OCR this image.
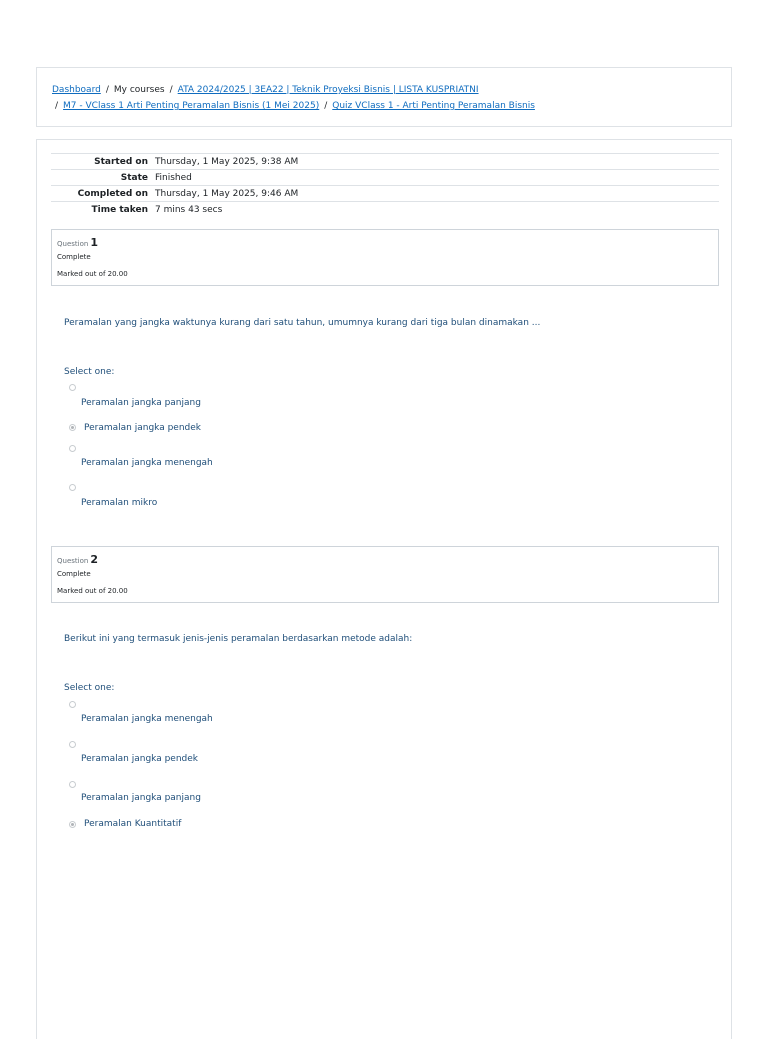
Dashboard / My courses / ATA 2024/2025 | 3EA22 | Teknik Proyeksi Bisnis | LISTA KUSPRIATNI
/ M7 - VClass 1 Arti Penting Peramalan Bisnis (1 Mei 2025) / Quiz VClass 1 - Arti Penting Peramalan Bisnis
Started on	Thursday, 1 May 2025, 9:38 AM
State	Finished
Completed on	Thursday, 1 May 2025, 9:46 AM
Time taken	7 mins 43 secs
Question 1
Complete
Marked out of 20.00
Peramalan yang jangka waktunya kurang dari satu tahun, umumnya kurang dari tiga bulan dinamakan ...
Select one:
Peramalan jangka panjang
Peramalan jangka pendek
Peramalan jangka menengah
Peramalan mikro
Question 2
Complete
Marked out of 20.00
Berikut ini yang termasuk jenis-jenis peramalan berdasarkan metode adalah:
Select one:
Peramalan jangka menengah
Peramalan jangka pendek
Peramalan jangka panjang
Peramalan Kuantitatif
